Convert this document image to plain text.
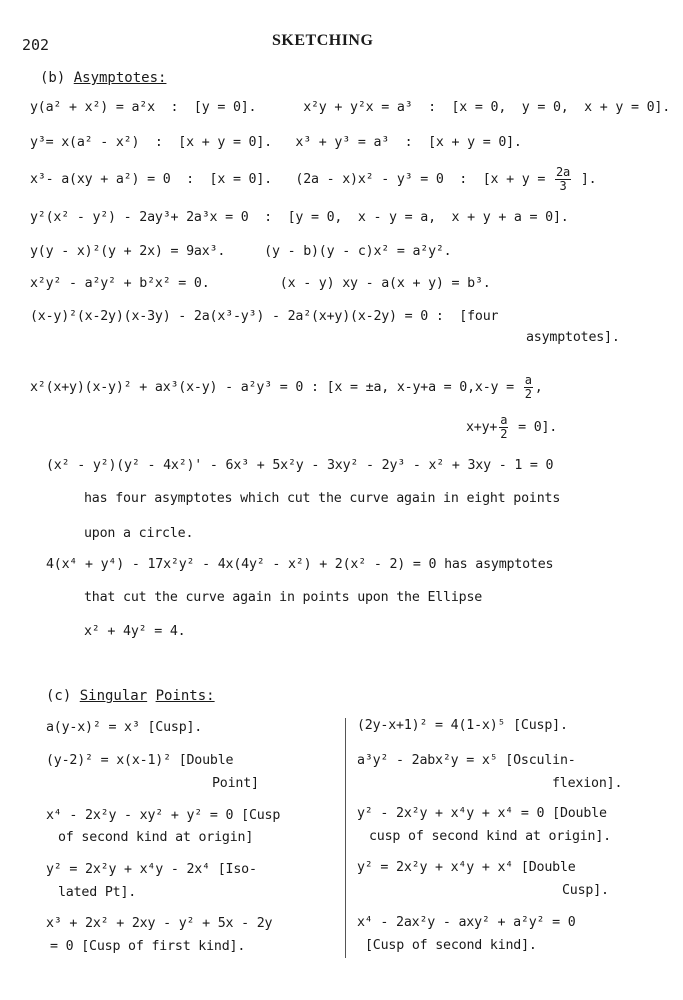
202	SKETCHING
(b) Asymptotes:
y(a² + x²) = a²x  :  [y = 0].      x²y + y²x = a³  :  [x = 0,  y = 0,  x + y = 0].
y³= x(a² - x²)  :  [x + y = 0].   x³ + y³ = a³  :  [x + y = 0].
x³- a(xy + a²) = 0  :  [x = 0].   (2a - x)x² - y³ = 0  :  [$x + y = \frac{2a}{3}$ ].
y²(x² - y²) - 2ay³+ 2a³x = 0  :  [y = 0,  x - y = a,  x + y + a = 0].
y(y - x)²(y + 2x) = 9ax³.     (y - b)(y - c)x² = a²y².
x²y² - a²y² + b²x² = 0.         (x - y) xy - a(x + y) = b³.
(x-y)²(x-2y)(x-3y) - 2a(x³-y³) - 2a²(x+y)(x-2y) = 0 :  [four
asymptotes].
x²(x+y)(x-y)² + ax³(x-y) - a²y³ = 0 : [x = ±a, $x-y+a = 0,x-y = \frac{a}{2}$ ,
$x+y+ \frac{a}{2} = 0$].
(x² - y²)(y² - 4x²)' - 6x³ + 5x²y - 3xy² - 2y³ - x² + 3xy - 1 = 0
has four asymptotes which cut the curve again in eight points
upon a circle.
4(x⁴ + y⁴) - 17x²y² - 4x(4y² - x²) + 2(x² - 2) = 0 has asymptotes
that cut the curve again in points upon the Ellipse
x² + 4y² = 4.
(c) Singular Points:
a(y-x)² = x³ [Cusp].
(y-2)² = x(x-1)² [Double
Point]
x⁴ - 2x²y - xy² + y² = 0 [Cusp
of second kind at origin]
y² = 2x²y + x⁴y - 2x⁴ [Iso-
lated Pt].
x³ + 2x² + 2xy - y² + 5x - 2y
= 0 [Cusp of first kind].
(2y-x+1)² = 4(1-x)⁵ [Cusp].
a³y² - 2abx²y = x⁵ [Osculin-
flexion].
y² - 2x²y + x⁴y + x⁴ = 0 [Double
cusp of second kind at origin].
y² = 2x²y + x⁴y + x⁴ [Double
Cusp].
x⁴ - 2ax²y - axy² + a²y² = 0
[Cusp of second kind].
